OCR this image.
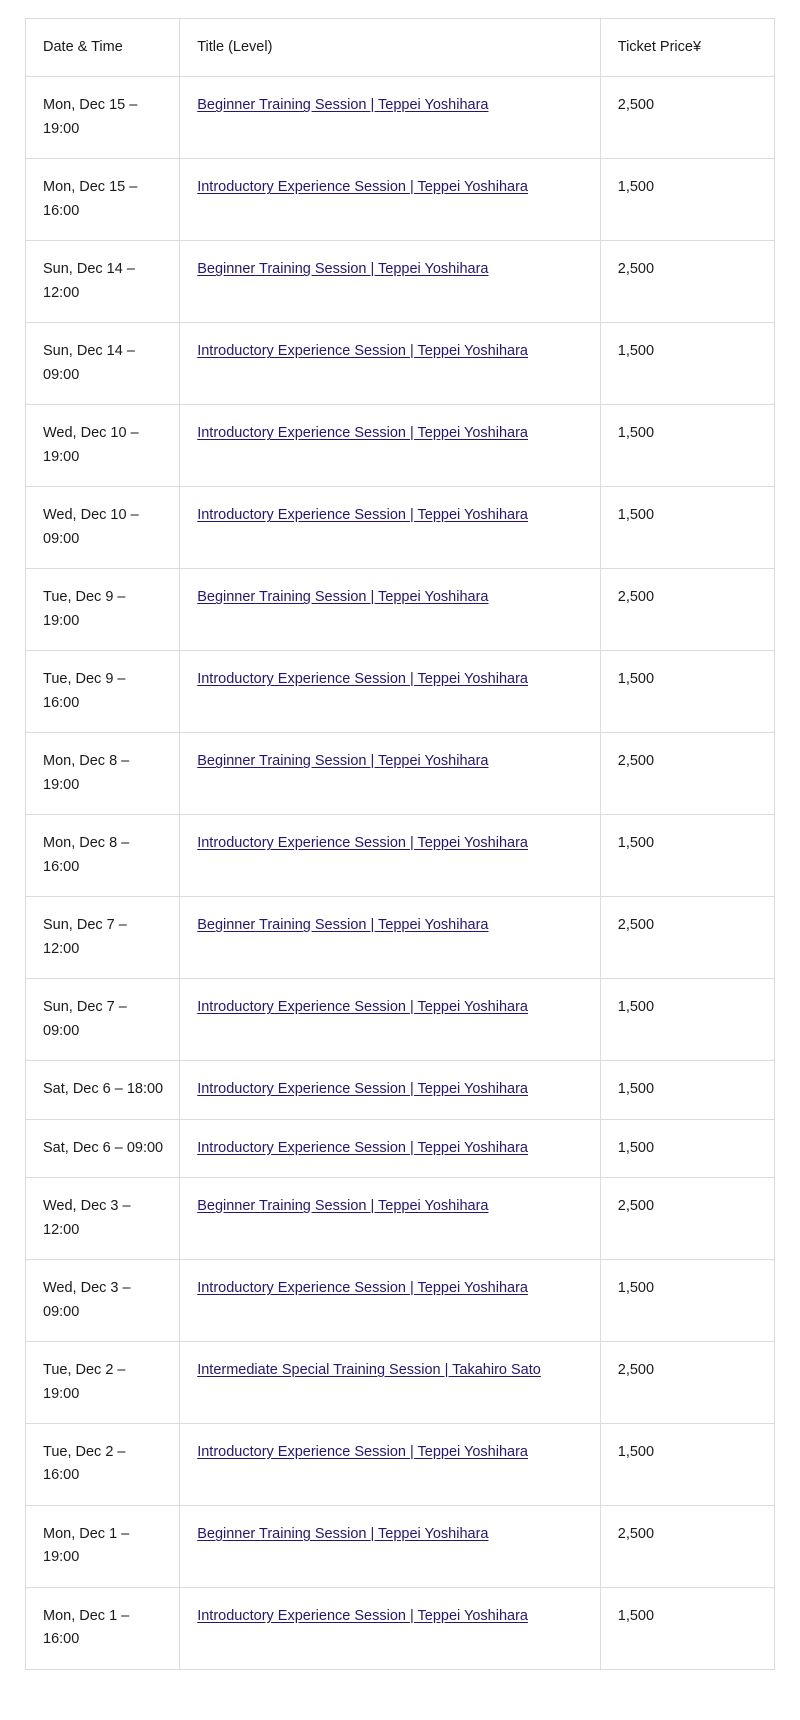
Date & Time	Title (Level)	Ticket Price¥
Mon, Dec 15 – 19:00	Beginner Training Session | Teppei Yoshihara	2,500
Mon, Dec 15 – 16:00	Introductory Experience Session | Teppei Yoshihara	1,500
Sun, Dec 14 – 12:00	Beginner Training Session | Teppei Yoshihara	2,500
Sun, Dec 14 – 09:00	Introductory Experience Session | Teppei Yoshihara	1,500
Wed, Dec 10 – 19:00	Introductory Experience Session | Teppei Yoshihara	1,500
Wed, Dec 10 – 09:00	Introductory Experience Session | Teppei Yoshihara	1,500
Tue, Dec 9 – 19:00	Beginner Training Session | Teppei Yoshihara	2,500
Tue, Dec 9 – 16:00	Introductory Experience Session | Teppei Yoshihara	1,500
Mon, Dec 8 – 19:00	Beginner Training Session | Teppei Yoshihara	2,500
Mon, Dec 8 – 16:00	Introductory Experience Session | Teppei Yoshihara	1,500
Sun, Dec 7 – 12:00	Beginner Training Session | Teppei Yoshihara	2,500
Sun, Dec 7 – 09:00	Introductory Experience Session | Teppei Yoshihara	1,500
Sat, Dec 6 – 18:00	Introductory Experience Session | Teppei Yoshihara	1,500
Sat, Dec 6 – 09:00	Introductory Experience Session | Teppei Yoshihara	1,500
Wed, Dec 3 – 12:00	Beginner Training Session | Teppei Yoshihara	2,500
Wed, Dec 3 – 09:00	Introductory Experience Session | Teppei Yoshihara	1,500
Tue, Dec 2 – 19:00	Intermediate Special Training Session | Takahiro Sato	2,500
Tue, Dec 2 – 16:00	Introductory Experience Session | Teppei Yoshihara	1,500
Mon, Dec 1 – 19:00	Beginner Training Session | Teppei Yoshihara	2,500
Mon, Dec 1 – 16:00	Introductory Experience Session | Teppei Yoshihara	1,500
